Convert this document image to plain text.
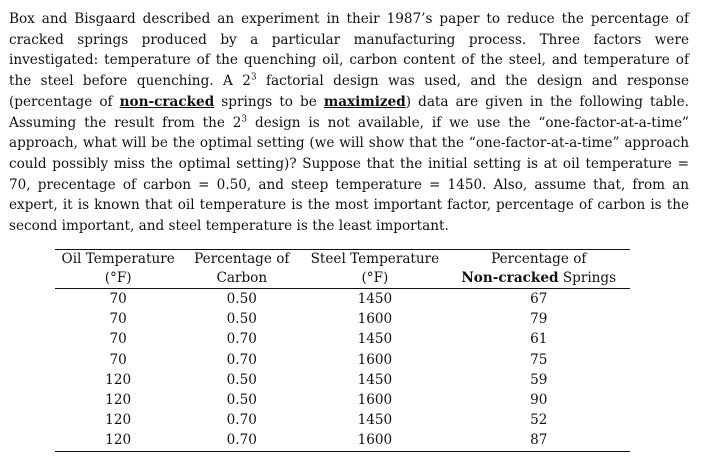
Box and Bisgaard described an experiment in their 1987’s paper to reduce the percentage of cracked springs produced by a particular manufacturing process. Three factors were investigated: temperature of the quenching oil, carbon content of the steel, and temperature of the steel before quenching. A $2^3$ factorial design was used, and the design and response (percentage of non-cracked springs to be maximized) data are given in the following table. Assuming the result from the $2^3$ design is not available, if we use the “one-factor-at-a-time” approach, what will be the optimal setting (we will show that the “one-factor-at-a-time” approach could possibly miss the optimal setting)? Suppose that the initial setting is at oil temperature = 70, precentage of carbon = 0.50, and steep temperature = 1450. Also, assume that, from an expert, it is known that oil temperature is the most important factor, percentage of carbon is the second important, and steel temperature is the least important.
Oil Temperature	Percentage of	Steel Temperature	Percentage of
(°F)	Carbon	(°F)	Non-cracked Springs
70	0.50	1450	67
70	0.50	1600	79
70	0.70	1450	61
70	0.70	1600	75
120	0.50	1450	59
120	0.50	1600	90
120	0.70	1450	52
120	0.70	1600	87
